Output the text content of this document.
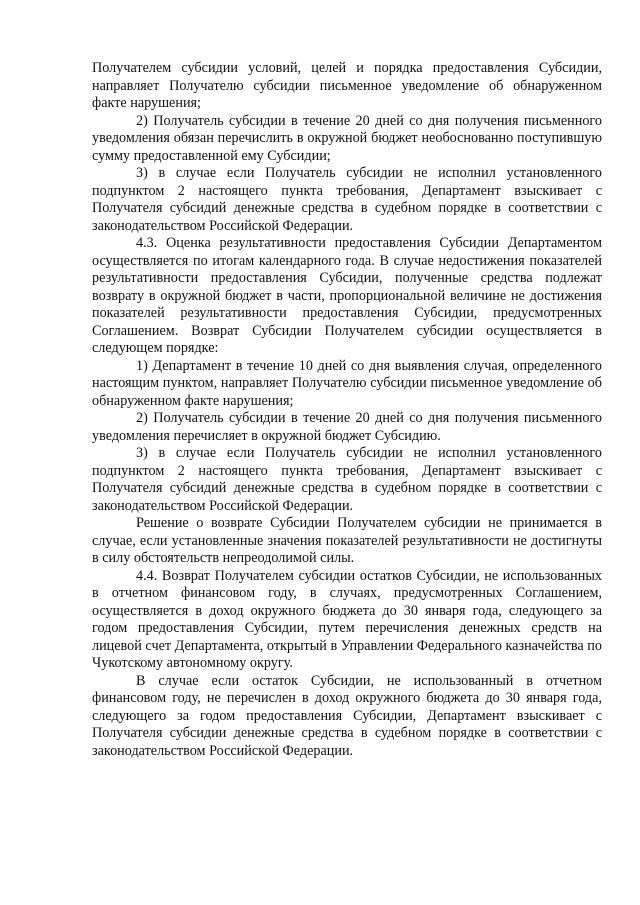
Получателем субсидии условий, целей и порядка предоставления Субсидии, направляет Получателю субсидии письменное уведомление об обнаруженном факте нарушения;

2) Получатель субсидии в течение 20 дней со дня получения письменного уведомления обязан перечислить в окружной бюджет необоснованно поступившую сумму предоставленной ему Субсидии;

3) в случае если Получатель субсидии не исполнил установленного подпунктом 2 настоящего пункта требования, Департамент взыскивает с Получателя субсидий денежные средства в судебном порядке в соответствии с законодательством Российской Федерации.

4.3. Оценка результативности предоставления Субсидии Департаментом осуществляется по итогам календарного года. В случае недостижения показателей результативности предоставления Субсидии, полученные средства подлежат возврату в окружной бюджет в части, пропорциональной величине не достижения показателей результативности предоставления Субсидии, предусмотренных Соглашением. Возврат Субсидии Получателем субсидии осуществляется в следующем порядке:

1) Департамент в течение 10 дней со дня выявления случая, определенного настоящим пунктом, направляет Получателю субсидии письменное уведомление об обнаруженном факте нарушения;

2) Получатель субсидии в течение 20 дней со дня получения письменного уведомления перечисляет в окружной бюджет Субсидию.

3) в случае если Получатель субсидии не исполнил установленного подпунктом 2 настоящего пункта требования, Департамент взыскивает с Получателя субсидий денежные средства в судебном порядке в соответствии с законодательством Российской Федерации.

Решение о возврате Субсидии Получателем субсидии не принимается в случае, если установленные значения показателей результативности не достигнуты в силу обстоятельств непреодолимой силы.

4.4. Возврат Получателем субсидии остатков Субсидии, не использованных в отчетном финансовом году, в случаях, предусмотренных Соглашением, осуществляется в доход окружного бюджета до 30 января года, следующего за годом предоставления Субсидии, путем перечисления денежных средств на лицевой счет Департамента, открытый в Управлении Федерального казначейства по Чукотскому автономному округу.

В случае если остаток Субсидии, не использованный в отчетном финансовом году, не перечислен в доход окружного бюджета до 30 января года, следующего за годом предоставления Субсидии, Департамент взыскивает с Получателя субсидии денежные средства в судебном порядке в соответствии с законодательством Российской Федерации.
